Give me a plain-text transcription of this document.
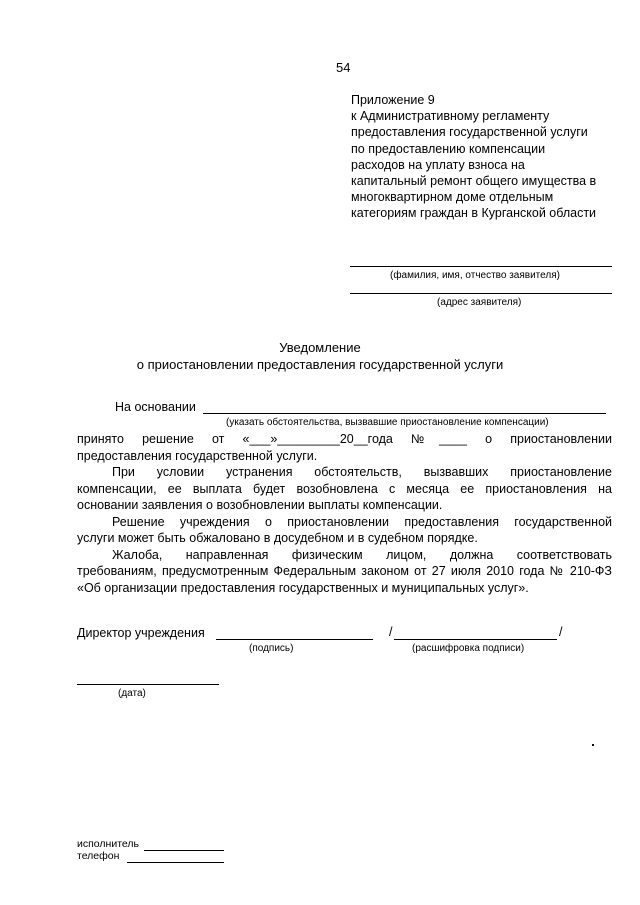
54
Приложение 9
к Административному регламенту
предоставления государственной услуги
по предоставлению компенсации
расходов на уплату взноса на
капитальный ремонт общего имущества в
многоквартирном доме отдельным
категориям граждан в Курганской области
(фамилия, имя, отчество заявителя)
(адрес заявителя)
Уведомление
о приостановлении предоставления государственной услуги
На основании
(указать обстоятельства, вызвавшие приостановление компенсации)
принято решение от «___»_________20__года №____ о приостановлении
предоставления государственной услуги.
При условии устранения обстоятельств, вызвавших приостановление
компенсации, ее выплата будет возобновлена с месяца ее приостановления на
основании заявления о возобновлении выплаты компенсации.
Решение учреждения о приостановлении предоставления государственной
услуги может быть обжаловано в досудебном и в судебном порядке.
Жалоба, направленная физическим лицом, должна соответствовать
требованиям, предусмотренным Федеральным законом от 27 июля 2010 года № 210-ФЗ
«Об организации предоставления государственных и муниципальных услуг».
Директор учреждения	/	/
(подпись)	(расшифровка подписи)
(дата)
исполнитель
телефон
